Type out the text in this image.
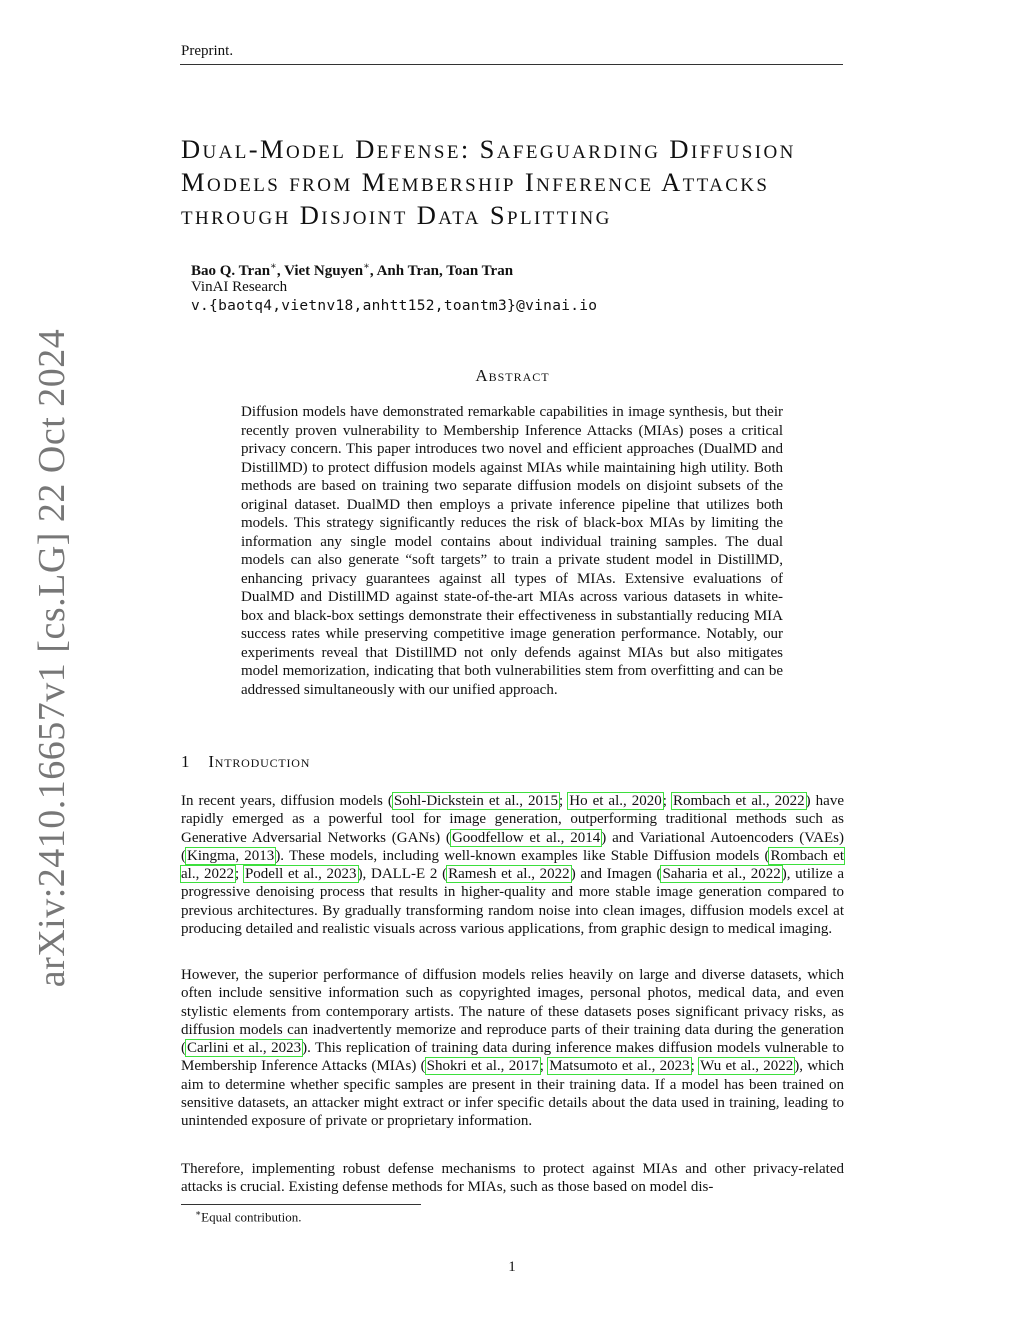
Preprint.
arXiv:2410.16657v1 [cs.LG] 22 Oct 2024
Dual-Model Defense: Safeguarding Diffusion
Models from Membership Inference Attacks
through Disjoint Data Splitting
Bao Q. Tran∗, Viet Nguyen∗, Anh Tran, Toan Tran
VinAI Research
v.{baotq4,vietnv18,anhtt152,toantm3}@vinai.io
Abstract
Diffusion models have demonstrated remarkable capabilities in image synthesis, but their recently proven vulnerability to Membership Inference Attacks (MIAs) poses a critical privacy concern. This paper introduces two novel and efficient approaches (DualMD and DistillMD) to protect diffusion models against MIAs while maintaining high utility. Both methods are based on training two separate diffusion models on disjoint subsets of the original dataset. DualMD then employs a private inference pipeline that utilizes both models. This strategy significantly reduces the risk of black-box MIAs by limiting the information any single model contains about individual training samples. The dual models can also generate “soft targets” to train a private student model in DistillMD, enhancing privacy guarantees against all types of MIAs. Extensive evaluations of DualMD and DistillMD against state-of-the-art MIAs across various datasets in white-box and black-box settings demonstrate their effectiveness in substantially reducing MIA success rates while preserving competitive image generation performance. Notably, our experiments reveal that DistillMD not only defends against MIAs but also mitigates model memorization, indicating that both vulnerabilities stem from overfitting and can be addressed simultaneously with our unified approach.
1 Introduction
In recent years, diffusion models (Sohl-Dickstein et al., 2015; Ho et al., 2020; Rombach et al., 2022) have rapidly emerged as a powerful tool for image generation, outperforming traditional methods such as Generative Adversarial Networks (GANs) (Goodfellow et al., 2014) and Variational Autoencoders (VAEs) (Kingma, 2013). These models, including well-known examples like Stable Diffusion models (Rombach et al., 2022; Podell et al., 2023), DALL-E 2 (Ramesh et al., 2022) and Imagen (Saharia et al., 2022), utilize a progressive denoising process that results in higher-quality and more stable image generation compared to previous architectures. By gradually transforming random noise into clean images, diffusion models excel at producing detailed and realistic visuals across various applications, from graphic design to medical imaging.
However, the superior performance of diffusion models relies heavily on large and diverse datasets, which often include sensitive information such as copyrighted images, personal photos, medical data, and even stylistic elements from contemporary artists. The nature of these datasets poses significant privacy risks, as diffusion models can inadvertently memorize and reproduce parts of their training data during the generation (Carlini et al., 2023). This replication of training data during inference makes diffusion models vulnerable to Membership Inference Attacks (MIAs) (Shokri et al., 2017; Matsumoto et al., 2023; Wu et al., 2022), which aim to determine whether specific samples are present in their training data. If a model has been trained on sensitive datasets, an attacker might extract or infer specific details about the data used in training, leading to unintended exposure of private or proprietary information.
Therefore, implementing robust defense mechanisms to protect against MIAs and other privacy-related attacks is crucial. Existing defense methods for MIAs, such as those based on model dis-
∗Equal contribution.
1
